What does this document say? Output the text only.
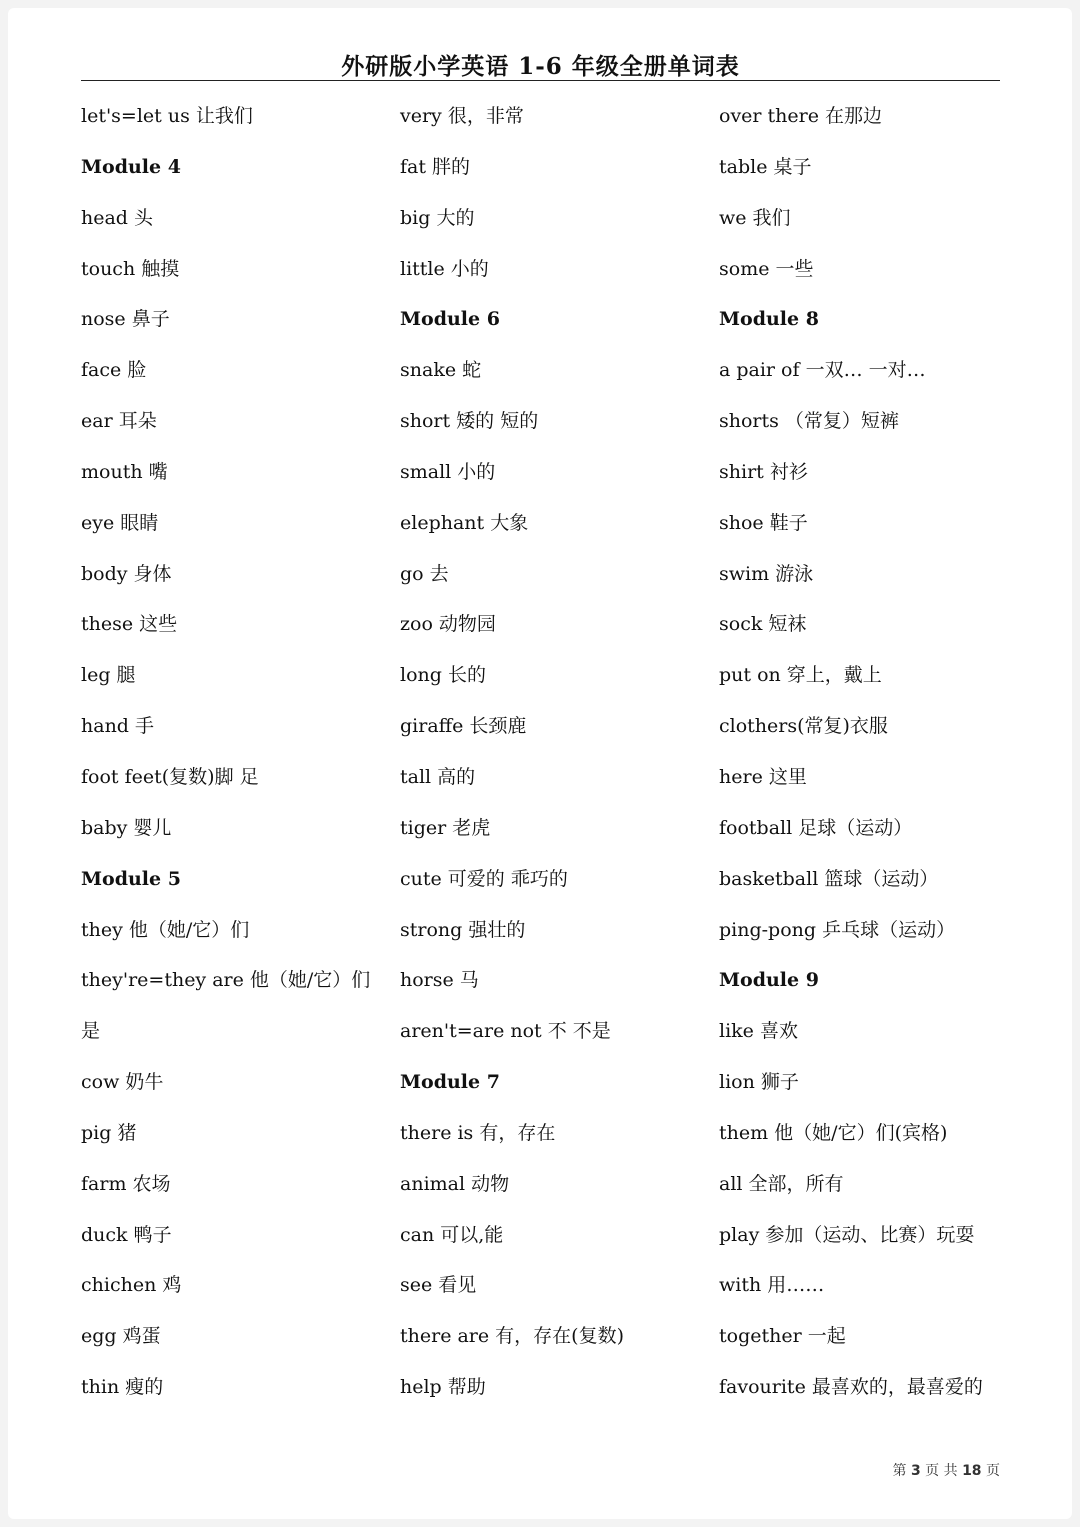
外研版小学英语 1-6 年级全册单词表
let's=let us 让我们
Module 4
head 头
touch 触摸
nose 鼻子
face 脸
ear 耳朵
mouth 嘴
eye 眼睛
body 身体
these 这些
leg 腿
hand 手
foot feet(复数)脚 足
baby 婴儿
Module 5
they 他（她/它）们
they're=they are 他（她/它）们
是
cow 奶牛
pig 猪
farm 农场
duck 鸭子
chichen 鸡
egg 鸡蛋
thin 瘦的
very 很，非常
fat 胖的
big 大的
little 小的
Module 6
snake 蛇
short 矮的 短的
small 小的
elephant 大象
go 去
zoo 动物园
long 长的
giraffe 长颈鹿
tall 高的
tiger 老虎
cute 可爱的 乖巧的
strong 强壮的
horse 马
aren't=are not 不 不是
Module 7
there is 有，存在
animal 动物
can 可以,能
see 看见
there are 有，存在(复数)
help 帮助
over there 在那边
table 桌子
we 我们
some 一些
Module 8
a pair of 一双… 一对…
shorts （常复）短裤
shirt 衬衫
shoe 鞋子
swim 游泳
sock 短袜
put on 穿上，戴上
clothers(常复)衣服
here 这里
football 足球（运动）
basketball 篮球（运动）
ping-pong 乒乓球（运动）
Module 9
like 喜欢
lion 狮子
them 他（她/它）们(宾格)
all 全部，所有
play 参加（运动、比赛）玩耍
with 用……
together 一起
favourite 最喜欢的，最喜爱的
第 3 页 共 18 页
